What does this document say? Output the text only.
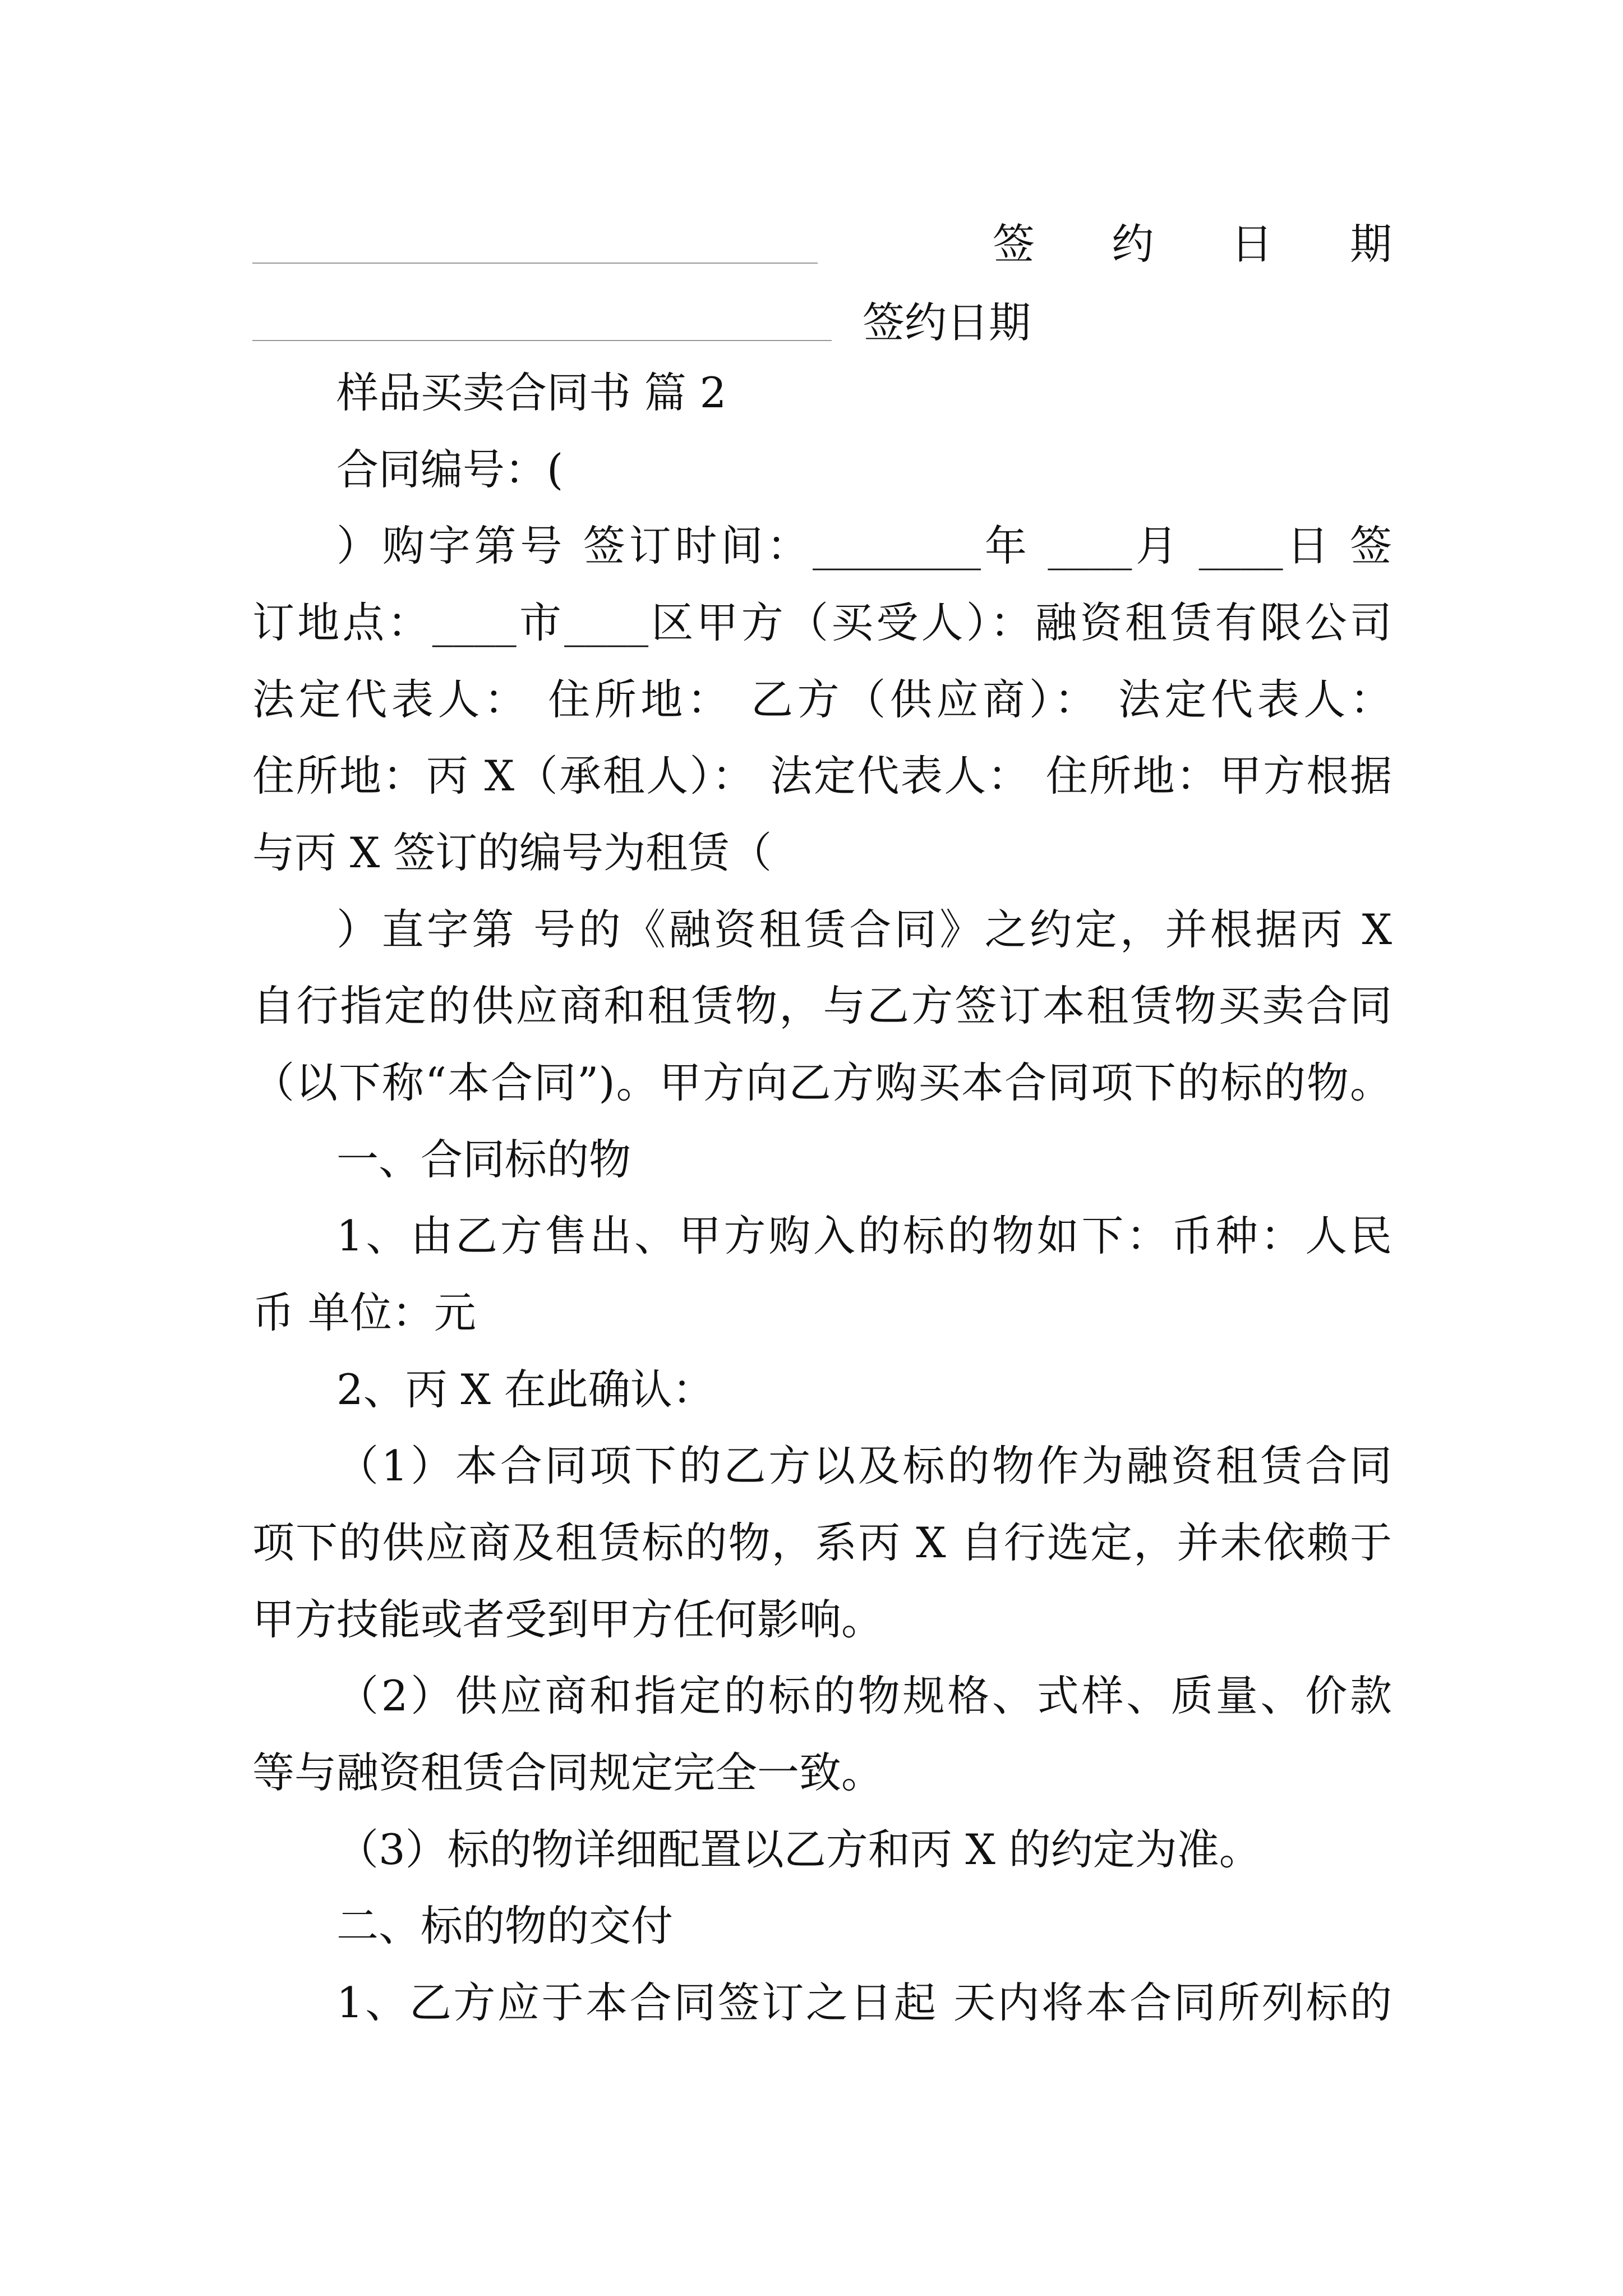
签 约 日 期
签约日期
样品买卖合同书 篇 2
合同编号：(
）购字第号 签订时间：________年 ____月 ____日 签
订地点：____市____区甲方（买受人）：融资租赁有限公司
法定代表人： 住所地： 乙方（供应商）： 法定代表人：
住所地：丙 X（承租人）： 法定代表人： 住所地：甲方根据
与丙 X 签订的编号为租赁（
）直字第 号的《融资租赁合同》之约定，并根据丙 X
自行指定的供应商和租赁物，与乙方签订本租赁物买卖合同
（以下称“本合同”)。甲方向乙方购买本合同项下的标的物。
一、合同标的物
1、由乙方售出、甲方购入的标的物如下：币种：人民
币 单位：元
2、丙 X 在此确认：
（1）本合同项下的乙方以及标的物作为融资租赁合同
项下的供应商及租赁标的物，系丙 X 自行选定，并未依赖于
甲方技能或者受到甲方任何影响。
（2）供应商和指定的标的物规格、式样、质量、价款
等与融资租赁合同规定完全一致。
（3）标的物详细配置以乙方和丙 X 的约定为准。
二、标的物的交付
1、乙方应于本合同签订之日起 天内将本合同所列标的
